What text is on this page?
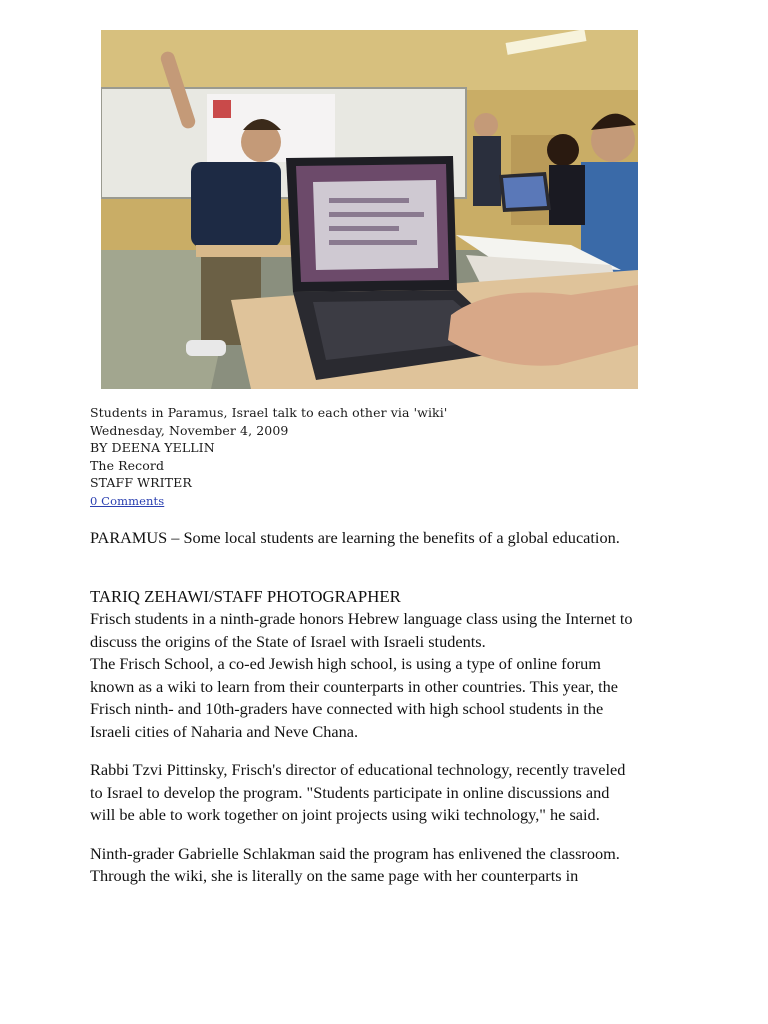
Students in Paramus, Israel talk to each other via 'wiki'
Wednesday, November 4, 2009
BY DEENA YELLIN
The Record
STAFF WRITER
0 Comments

PARAMUS – Some local students are learning the benefits of a global education.

TARIQ ZEHAWI/STAFF PHOTOGRAPHER

Frisch students in a ninth-grade honors Hebrew language class using the Internet to

discuss the origins of the State of Israel with Israeli students.

The Frisch School, a co-ed Jewish high school, is using a type of online forum

known as a wiki to learn from their counterparts in other countries. This year, the

Frisch ninth- and 10th-graders have connected with high school students in the

Israeli cities of Naharia and Neve Chana.

Rabbi Tzvi Pittinsky, Frisch's director of educational technology, recently traveled

to Israel to develop the program. "Students participate in online discussions and

will be able to work together on joint projects using wiki technology," he said.

Ninth-grader Gabrielle Schlakman said the program has enlivened the classroom.

Through the wiki, she is literally on the same page with her counterparts in
